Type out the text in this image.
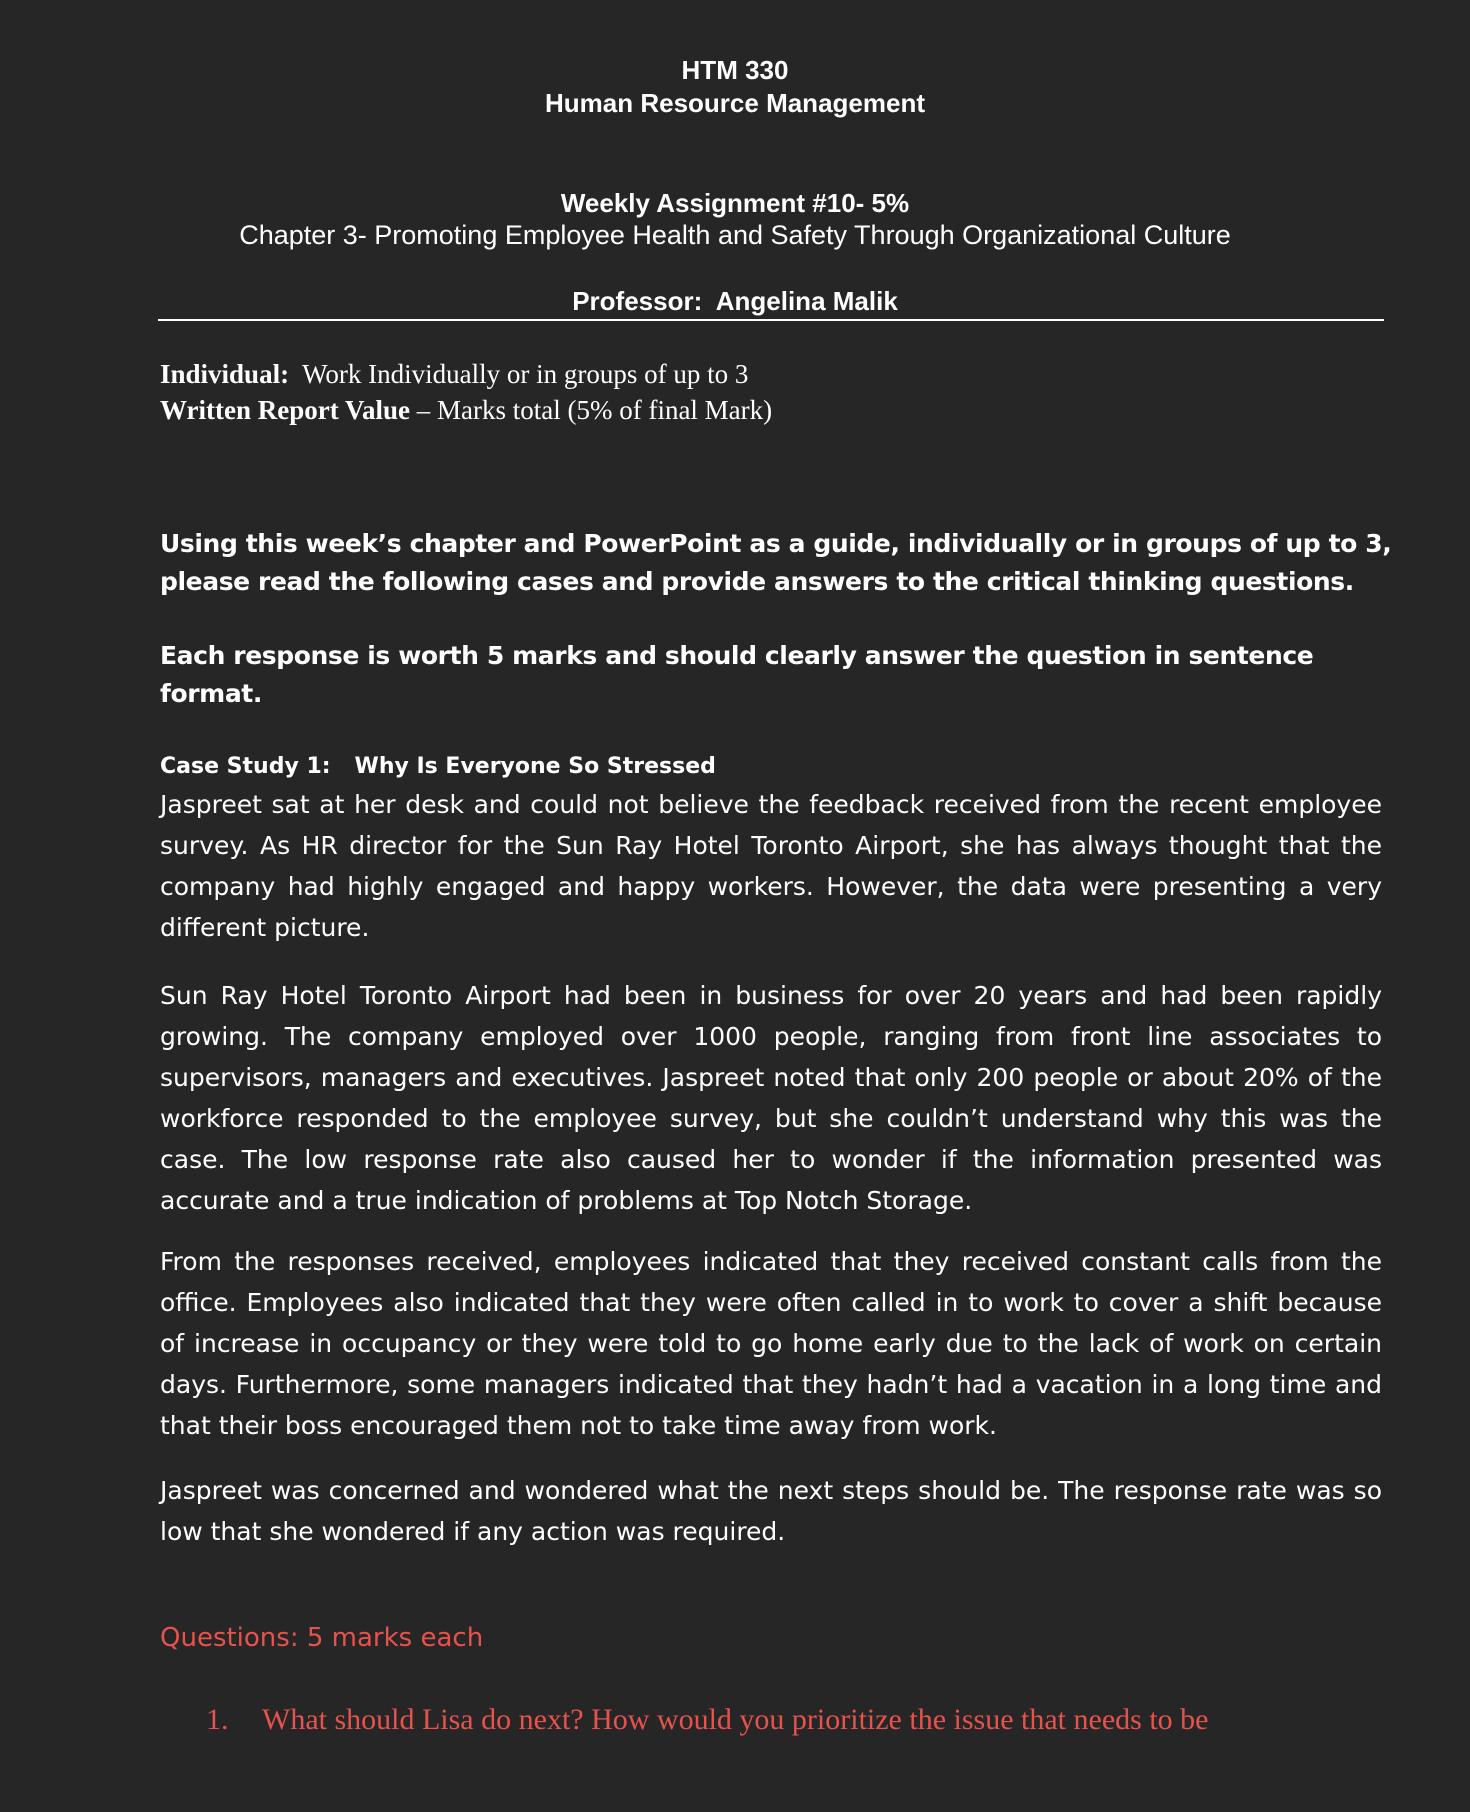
HTM 330
Human Resource Management
Weekly Assignment #10- 5%
Chapter 3- Promoting Employee Health and Safety Through Organizational Culture
Professor: Angelina Malik
Individual: Work Individually or in groups of up to 3
Written Report Value – Marks total (5% of final Mark)
Using this week’s chapter and PowerPoint as a guide, individually or in groups of up to 3, please read the following cases and provide answers to the critical thinking questions.
Each response is worth 5 marks and should clearly answer the question in sentence format.
Case Study 1: Why Is Everyone So Stressed
Jaspreet sat at her desk and could not believe the feedback received from the recent employee survey. As HR director for the Sun Ray Hotel Toronto Airport, she has always thought that the company had highly engaged and happy workers. However, the data were presenting a very different picture.
Sun Ray Hotel Toronto Airport had been in business for over 20 years and had been rapidly growing. The company employed over 1000 people, ranging from front line associates to supervisors, managers and executives. Jaspreet noted that only 200 people or about 20% of the workforce responded to the employee survey, but she couldn’t understand why this was the case. The low response rate also caused her to wonder if the information presented was accurate and a true indication of problems at Top Notch Storage.
From the responses received, employees indicated that they received constant calls from the office. Employees also indicated that they were often called in to work to cover a shift because of increase in occupancy or they were told to go home early due to the lack of work on certain days. Furthermore, some managers indicated that they hadn’t had a vacation in a long time and that their boss encouraged them not to take time away from work.
Jaspreet was concerned and wondered what the next steps should be. The response rate was so low that she wondered if any action was required.
Questions: 5 marks each
1. What should Lisa do next? How would you prioritize the issue that needs to be
